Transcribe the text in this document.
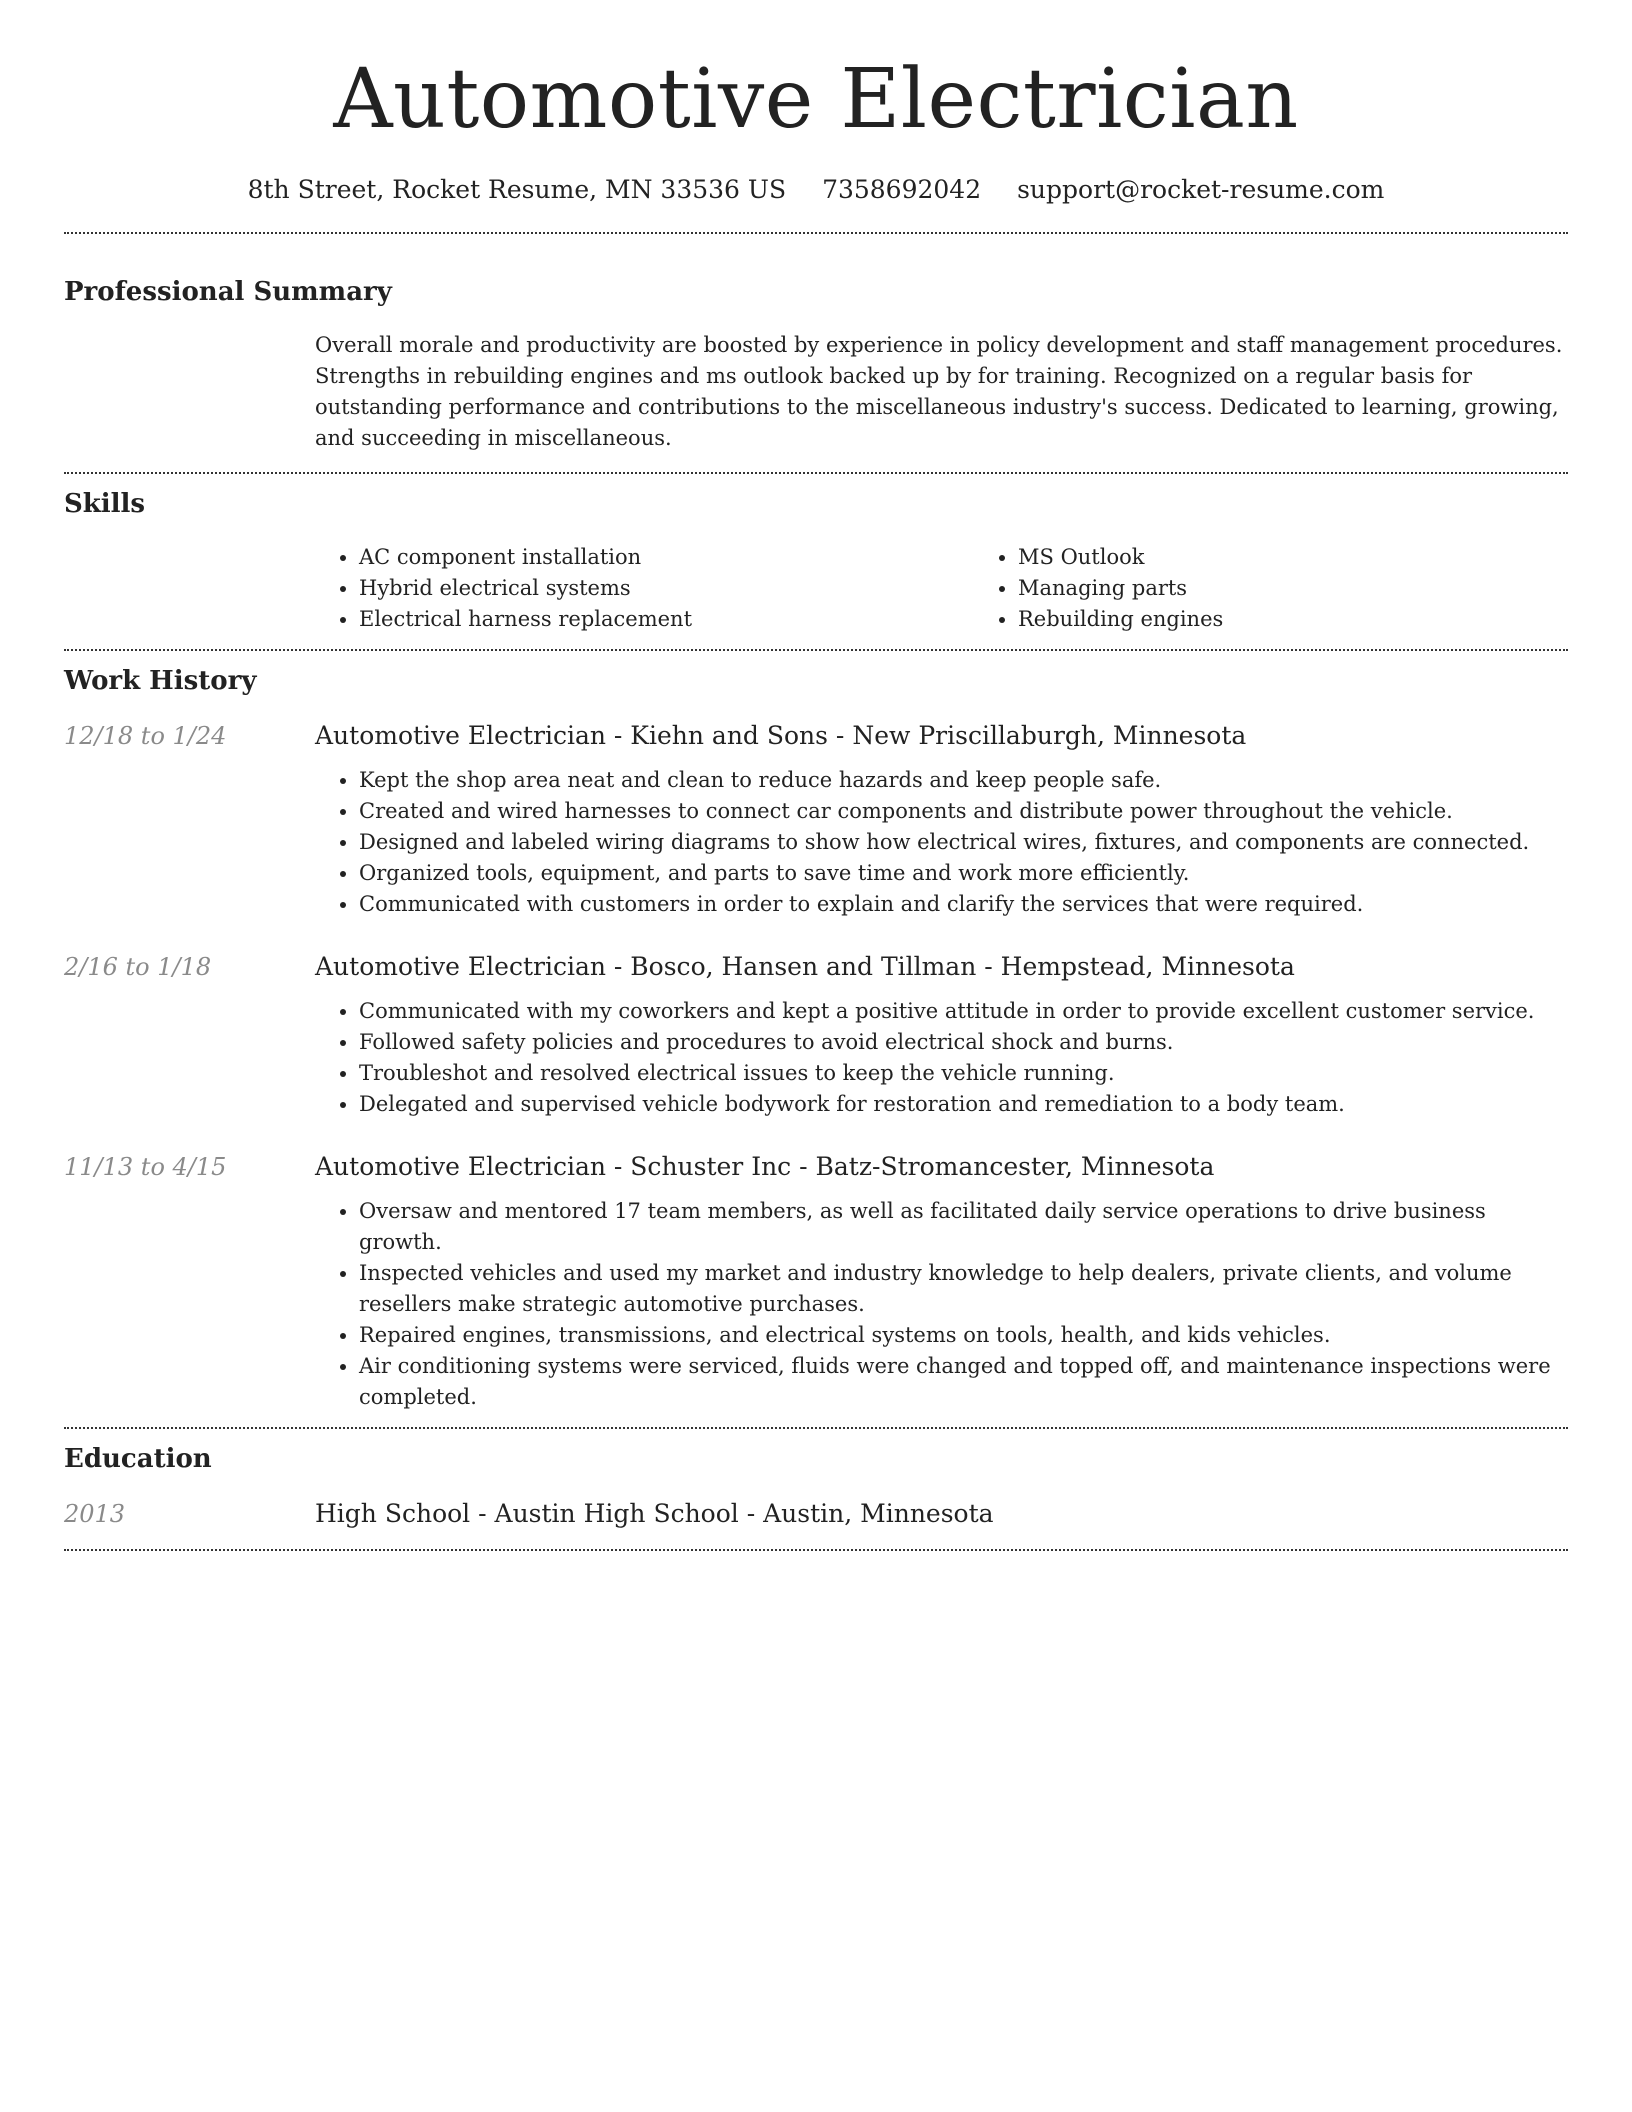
Automotive Electrician
8th Street, Rocket Resume, MN 33536 US 7358692042 support@rocket-resume.com
Professional Summary

Overall morale and productivity are boosted by experience in policy development and staff management procedures. Strengths in rebuilding engines and ms outlook backed up by for training. Recognized on a regular basis for outstanding performance and contributions to the miscellaneous industry's success. Dedicated to learning, growing, and succeeding in miscellaneous.

Skills
• AC component installation
• Hybrid electrical systems
• Electrical harness replacement
• MS Outlook
• Managing parts
• Rebuilding engines
Work History
12/18 to 1/24	Automotive Electrician - Kiehn and Sons - New Priscillaburgh, Minnesota
• Kept the shop area neat and clean to reduce hazards and keep people safe.
• Created and wired harnesses to connect car components and distribute power throughout the vehicle.
• Designed and labeled wiring diagrams to show how electrical wires, fixtures, and components are connected.
• Organized tools, equipment, and parts to save time and work more efficiently.
• Communicated with customers in order to explain and clarify the services that were required.
2/16 to 1/18	Automotive Electrician - Bosco, Hansen and Tillman - Hempstead, Minnesota
• Communicated with my coworkers and kept a positive attitude in order to provide excellent customer service.
• Followed safety policies and procedures to avoid electrical shock and burns.
• Troubleshot and resolved electrical issues to keep the vehicle running.
• Delegated and supervised vehicle bodywork for restoration and remediation to a body team.
11/13 to 4/15	Automotive Electrician - Schuster Inc - Batz-Stromancester, Minnesota
• Oversaw and mentored 17 team members, as well as facilitated daily service operations to drive business growth.
• Inspected vehicles and used my market and industry knowledge to help dealers, private clients, and volume resellers make strategic automotive purchases.
• Repaired engines, transmissions, and electrical systems on tools, health, and kids vehicles.
• Air conditioning systems were serviced, fluids were changed and topped off, and maintenance inspections were completed.
Education
2013	High School - Austin High School - Austin, Minnesota
